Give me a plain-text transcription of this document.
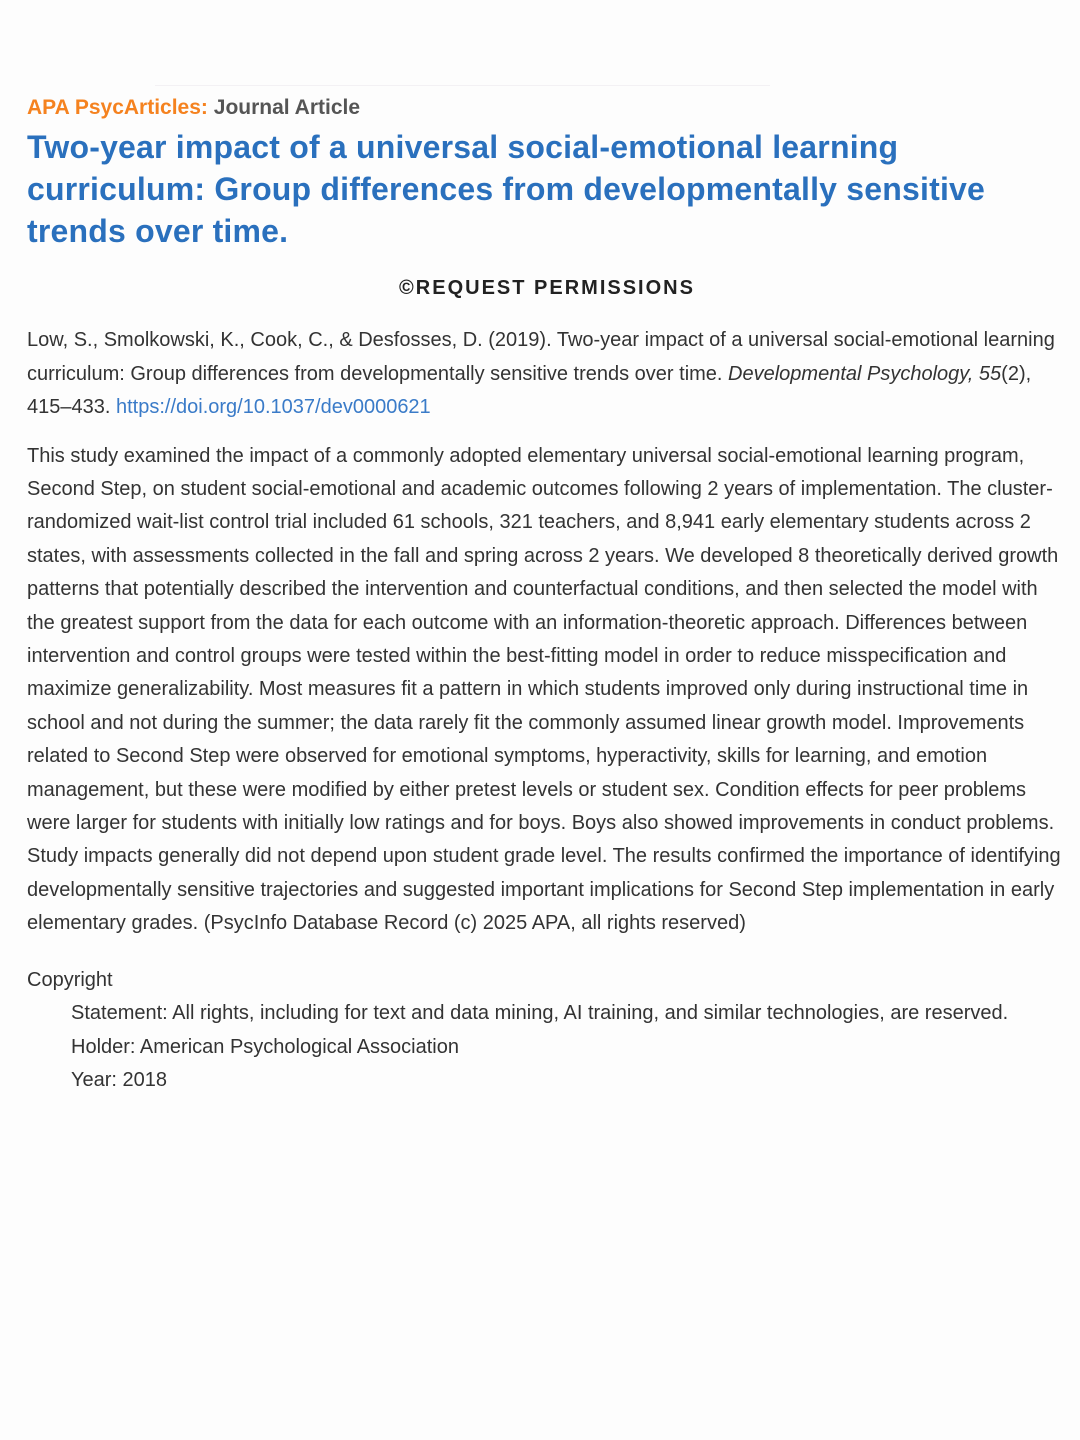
APA PsycArticles: Journal Article

Two-year impact of a universal social-emotional learning curriculum: Group differences from developmentally sensitive trends over time.
©REQUEST PERMISSIONS
Low, S., Smolkowski, K., Cook, C., & Desfosses, D. (2019). Two-year impact of a universal social-emotional learning curriculum: Group differences from developmentally sensitive trends over time. Developmental Psychology, 55(2), 415–433. https://doi.org/10.1037/dev0000621
This study examined the impact of a commonly adopted elementary universal social-emotional learning program, Second Step, on student social-emotional and academic outcomes following 2 years of implementation. The cluster-randomized wait-list control trial included 61 schools, 321 teachers, and 8,941 early elementary students across 2 states, with assessments collected in the fall and spring across 2 years. We developed 8 theoretically derived growth patterns that potentially described the intervention and counterfactual conditions, and then selected the model with the greatest support from the data for each outcome with an information-theoretic approach. Differences between intervention and control groups were tested within the best-fitting model in order to reduce misspecification and maximize generalizability. Most measures fit a pattern in which students improved only during instructional time in school and not during the summer; the data rarely fit the commonly assumed linear growth model. Improvements related to Second Step were observed for emotional symptoms, hyperactivity, skills for learning, and emotion management, but these were modified by either pretest levels or student sex. Condition effects for peer problems were larger for students with initially low ratings and for boys. Boys also showed improvements in conduct problems. Study impacts generally did not depend upon student grade level. The results confirmed the importance of identifying developmentally sensitive trajectories and suggested important implications for Second Step implementation in early elementary grades. (PsycInfo Database Record (c) 2025 APA, all rights reserved)
Copyright
Statement: All rights, including for text and data mining, AI training, and similar technologies, are reserved.
Holder: American Psychological Association
Year: 2018
